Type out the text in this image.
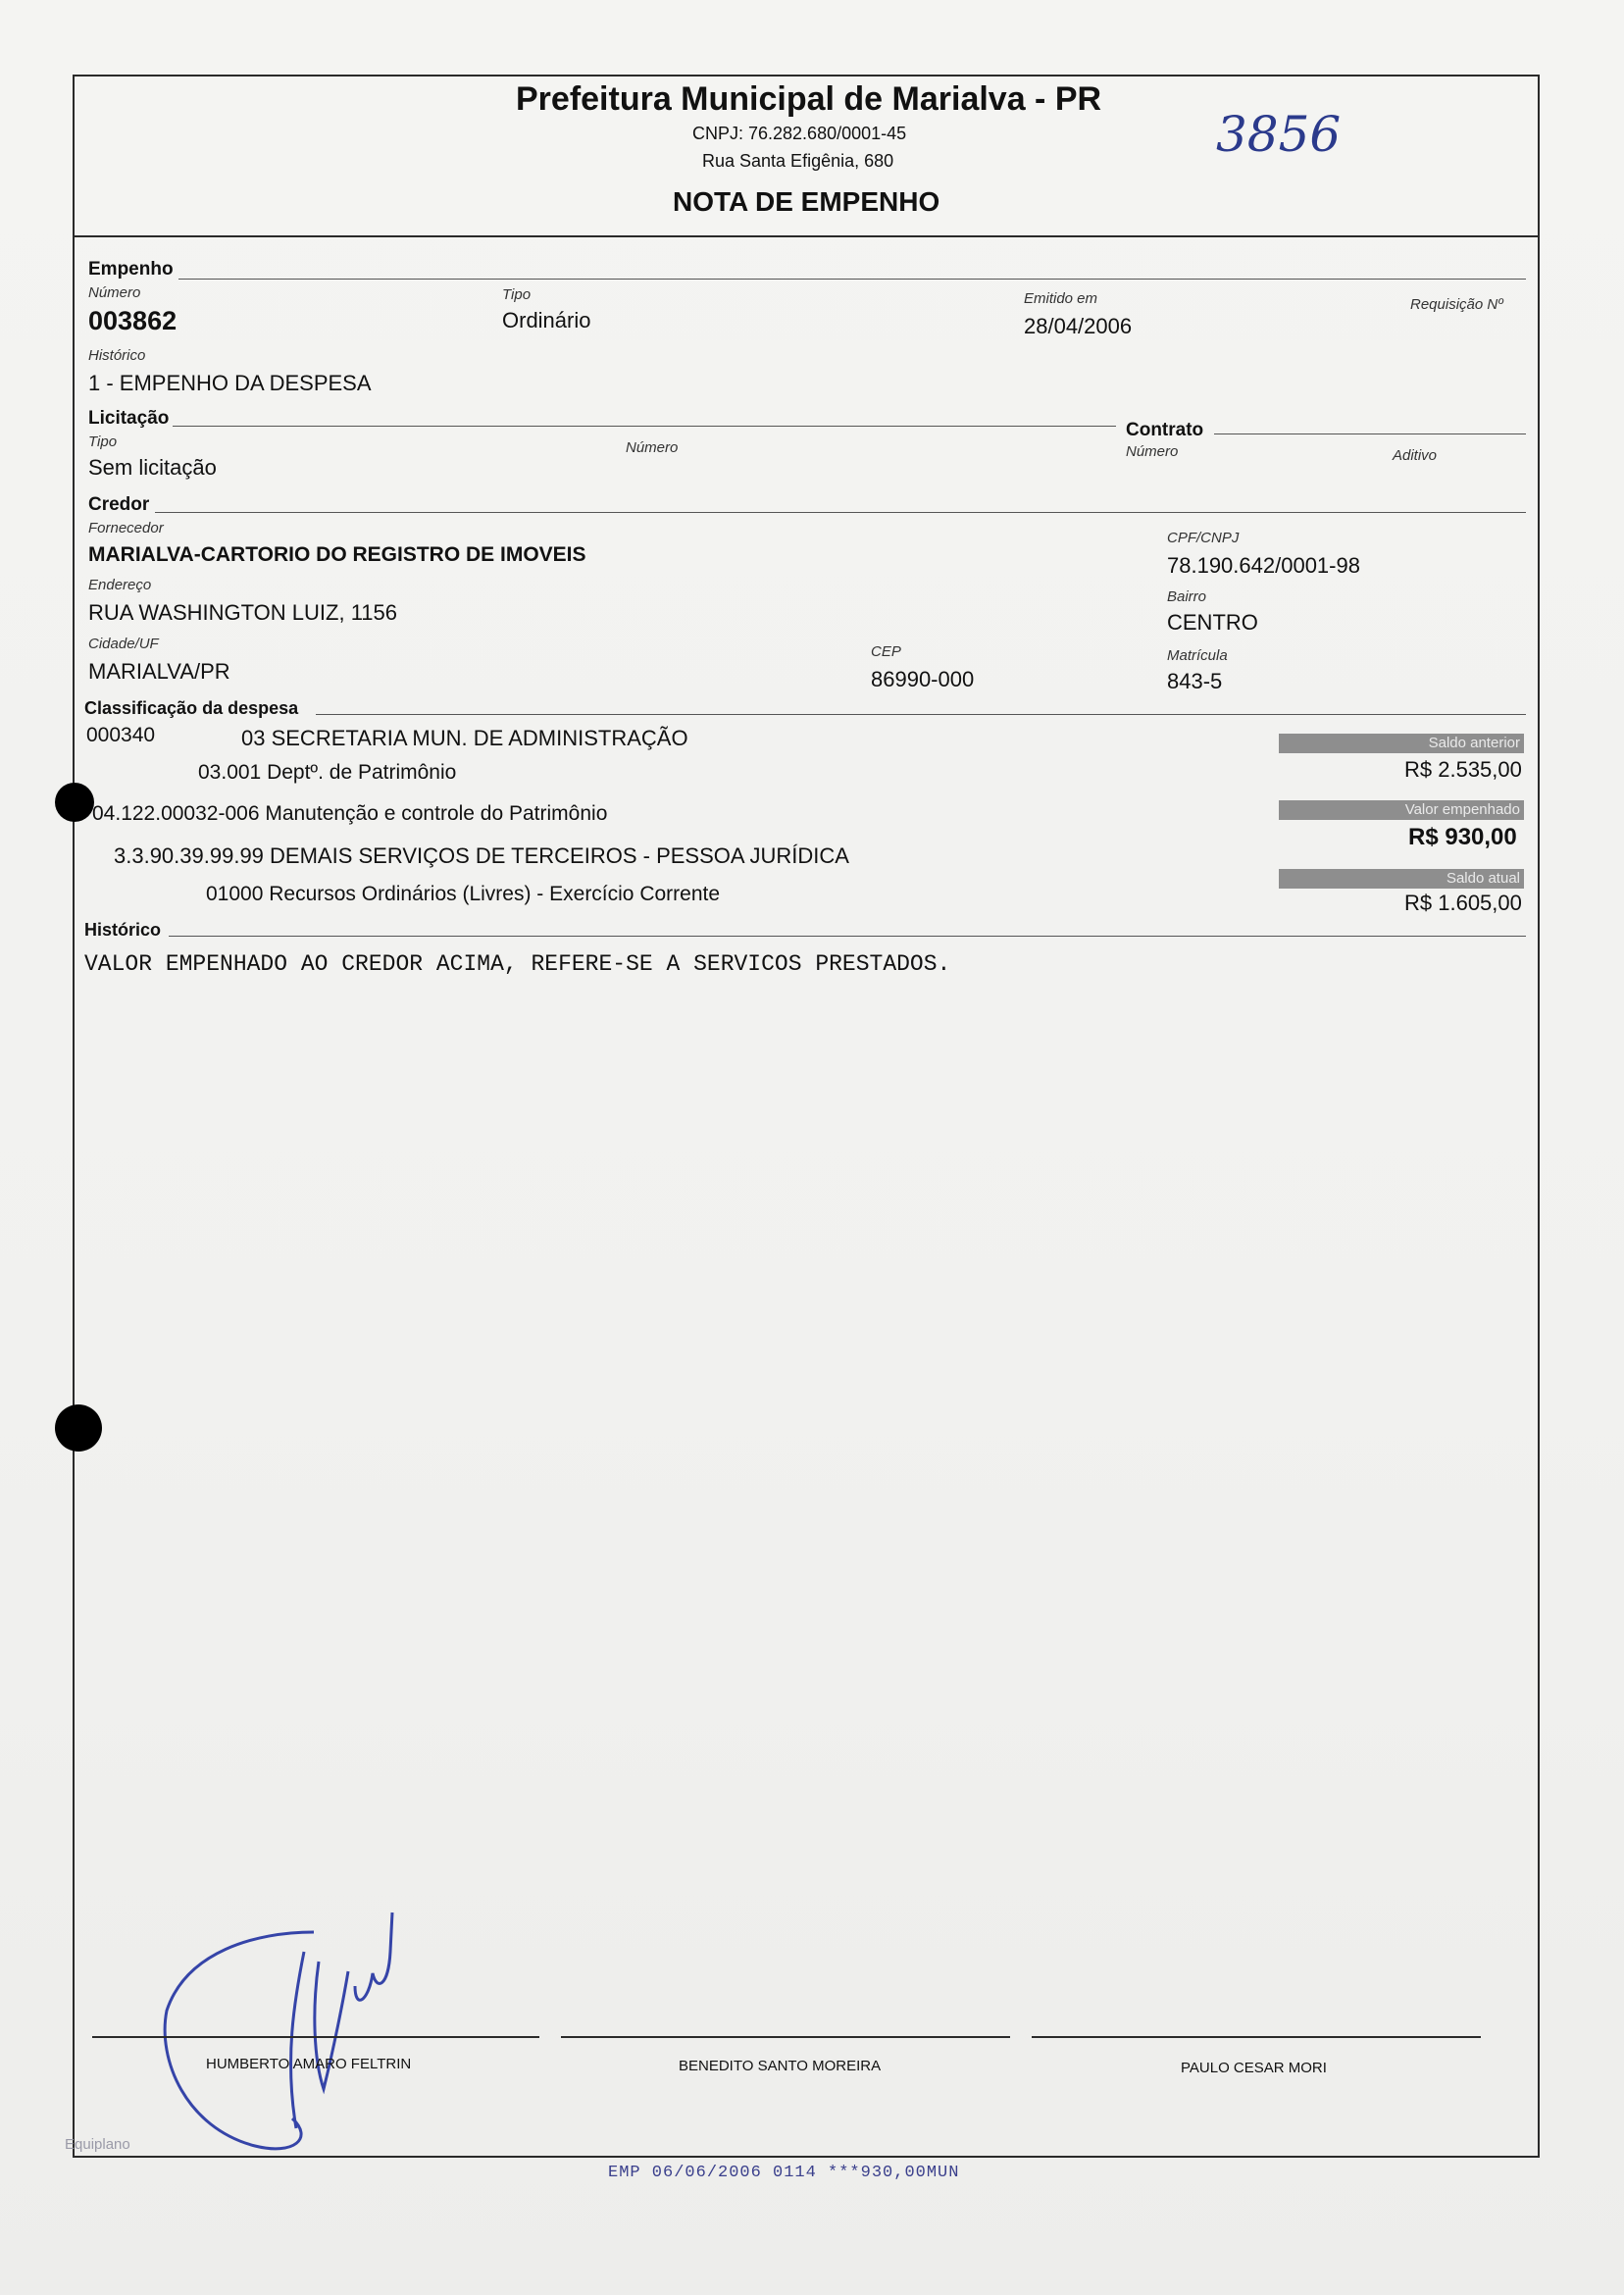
Prefeitura Municipal de Marialva - PR
CNPJ: 76.282.680/0001-45
Rua Santa Efigênia, 680
NOTA DE EMPENHO
3856
Empenho
Número
003862
Tipo
Ordinário
Emitido em
28/04/2006
Requisição Nº
Histórico
1 - EMPENHO DA DESPESA
Licitação
Tipo
Sem licitação
Número
Contrato
Número	Aditivo
Credor
Fornecedor
MARIALVA-CARTORIO DO REGISTRO DE IMOVEIS
CPF/CNPJ
78.190.642/0001-98
Endereço
RUA WASHINGTON LUIZ, 1156
Bairro
CENTRO
Cidade/UF
MARIALVA/PR
CEP
86990-000
Matrícula
843-5
Classificação da despesa
000340	03 SECRETARIA MUN. DE ADMINISTRAÇÃO
03.001 Deptº. de Patrimônio
04.122.00032-006 Manutenção e controle do Patrimônio
3.3.90.39.99.99 DEMAIS SERVIÇOS DE TERCEIROS - PESSOA JURÍDICA
01000 Recursos Ordinários (Livres) - Exercício Corrente
Saldo anterior
R$ 2.535,00
Valor empenhado
R$ 930,00
Saldo atual
R$ 1.605,00
Histórico
VALOR EMPENHADO AO CREDOR ACIMA, REFERE-SE A SERVICOS PRESTADOS.
HUMBERTO AMARO FELTRIN	BENEDITO SANTO MOREIRA	PAULO CESAR MORI
Equiplano
EMP 06/06/2006 0114 ***930,00MUN
